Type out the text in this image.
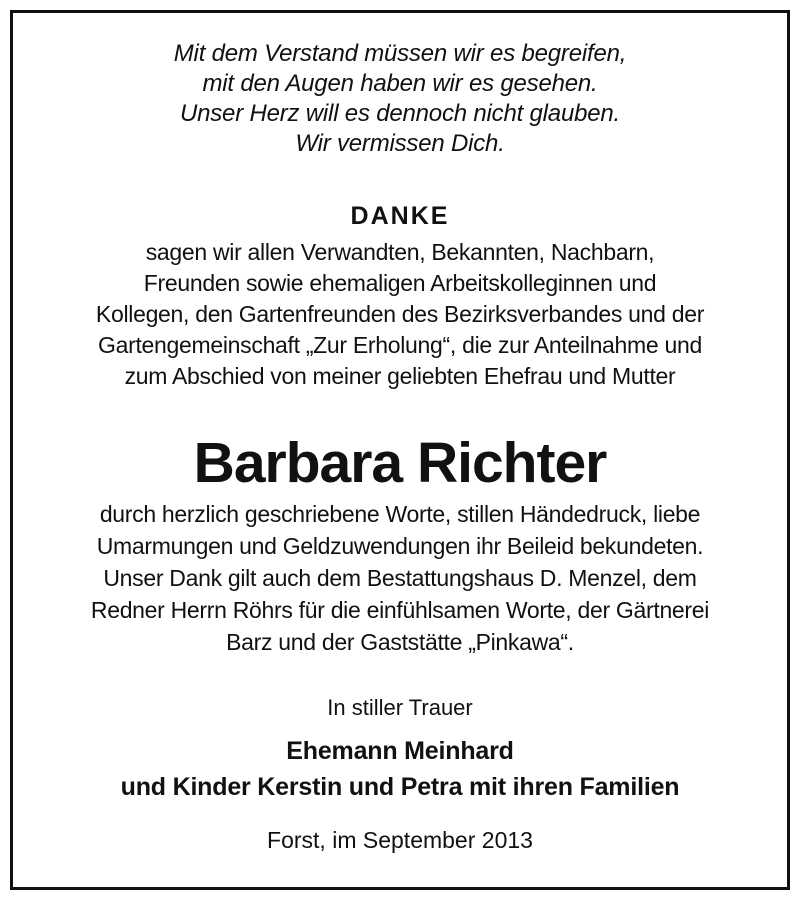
Mit dem Verstand müssen wir es begreifen,

mit den Augen haben wir es gesehen.

Unser Herz will es dennoch nicht glauben.

Wir vermissen Dich.

DANKE

sagen wir allen Verwandten, Bekannten, Nachbarn,

Freunden sowie ehemaligen Arbeitskolleginnen und

Kollegen, den Gartenfreunden des Bezirksverbandes und der

Gartengemeinschaft „Zur Erholung“, die zur Anteilnahme und

zum Abschied von meiner geliebten Ehefrau und Mutter

Barbara Richter

durch herzlich geschriebene Worte, stillen Händedruck, liebe

Umarmungen und Geldzuwendungen ihr Beileid bekundeten.

Unser Dank gilt auch dem Bestattungshaus D. Menzel, dem

Redner Herrn Röhrs für die einfühlsamen Worte, der Gärtnerei

Barz und der Gaststätte „Pinkawa“.

In stiller Trauer

Ehemann Meinhard

und Kinder Kerstin und Petra mit ihren Familien

Forst, im September 2013
